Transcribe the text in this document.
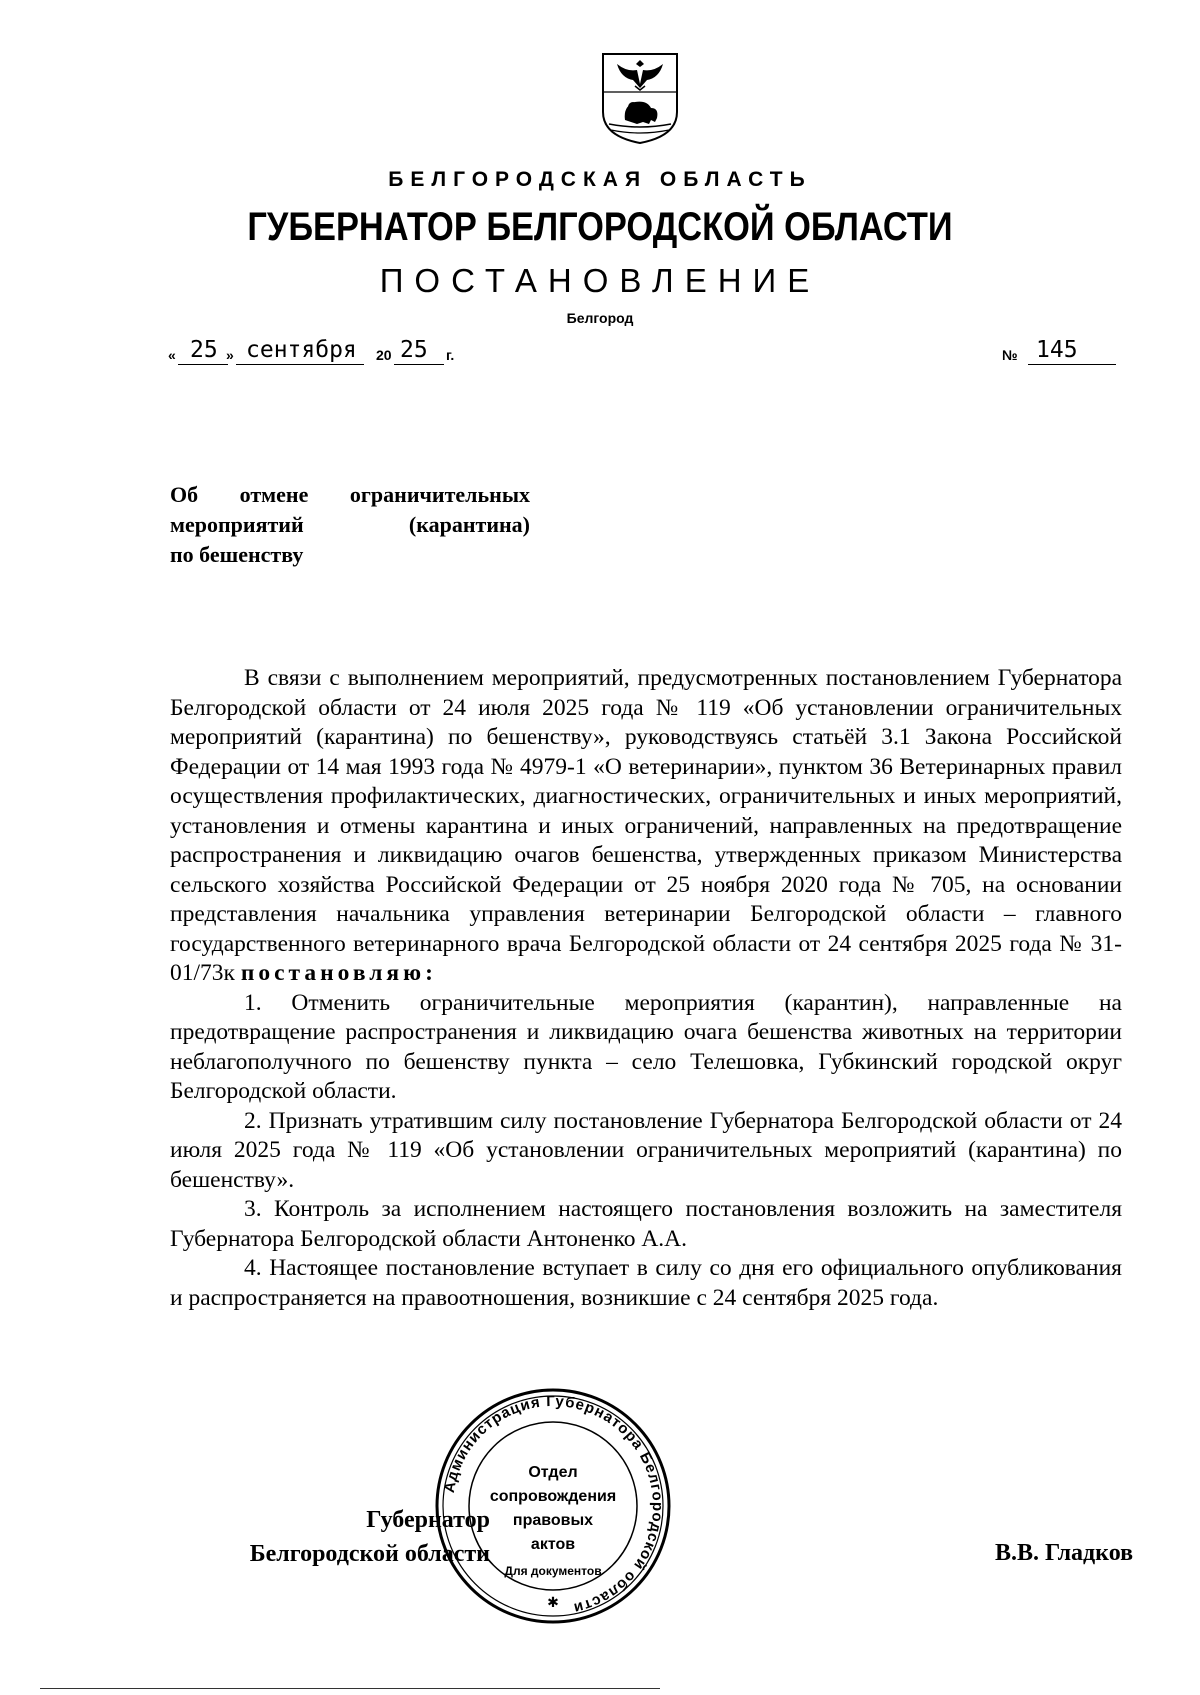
БЕЛГОРОДСКАЯ ОБЛАСТЬ
ГУБЕРНАТОР БЕЛГОРОДСКОЙ ОБЛАСТИ
ПОСТАНОВЛЕНИЕ
Белгород
« 25 » сентября 20 25 г.	№ 145
Об отмене ограничительных
мероприятий (карантина)
по бешенству

В связи с выполнением мероприятий, предусмотренных постановлением Губернатора Белгородской области от 24 июля 2025 года № 119 «Об установлении ограничительных мероприятий (карантина) по бешенству», руководствуясь статьёй 3.1 Закона Российской Федерации от 14 мая 1993 года № 4979-1 «О ветеринарии», пунктом 36 Ветеринарных правил осуществления профилактических, диагностических, ограничительных и иных мероприятий, установления и отмены карантина и иных ограничений, направленных на предотвращение распространения и ликвидацию очагов бешенства, утвержденных приказом Министерства сельского хозяйства Российской Федерации от 25 ноября 2020 года № 705, на основании представления начальника управления ветеринарии Белгородской области – главного государственного ветеринарного врача Белгородской области от 24 сентября 2025 года № 31-01/73к постановляю:

1. Отменить ограничительные мероприятия (карантин), направленные на предотвращение распространения и ликвидацию очага бешенства животных на территории неблагополучного по бешенству пункта – село Телешовка, Губкинский городской округ Белгородской области.

2. Признать утратившим силу постановление Губернатора Белгородской области от 24 июля 2025 года № 119 «Об установлении ограничительных мероприятий (карантина) по бешенству».

3. Контроль за исполнением настоящего постановления возложить на заместителя Губернатора Белгородской области Антоненко А.А.

4. Настоящее постановление вступает в силу со дня его официального опубликования и распространяется на правоотношения, возникшие с 24 сентября 2025 года.

Губернатор
Белгородской области	В.В. Гладков
Администрация Губернатора Белгородской области
Отдел
сопровождения
правовых
актов
Для документов
✱
